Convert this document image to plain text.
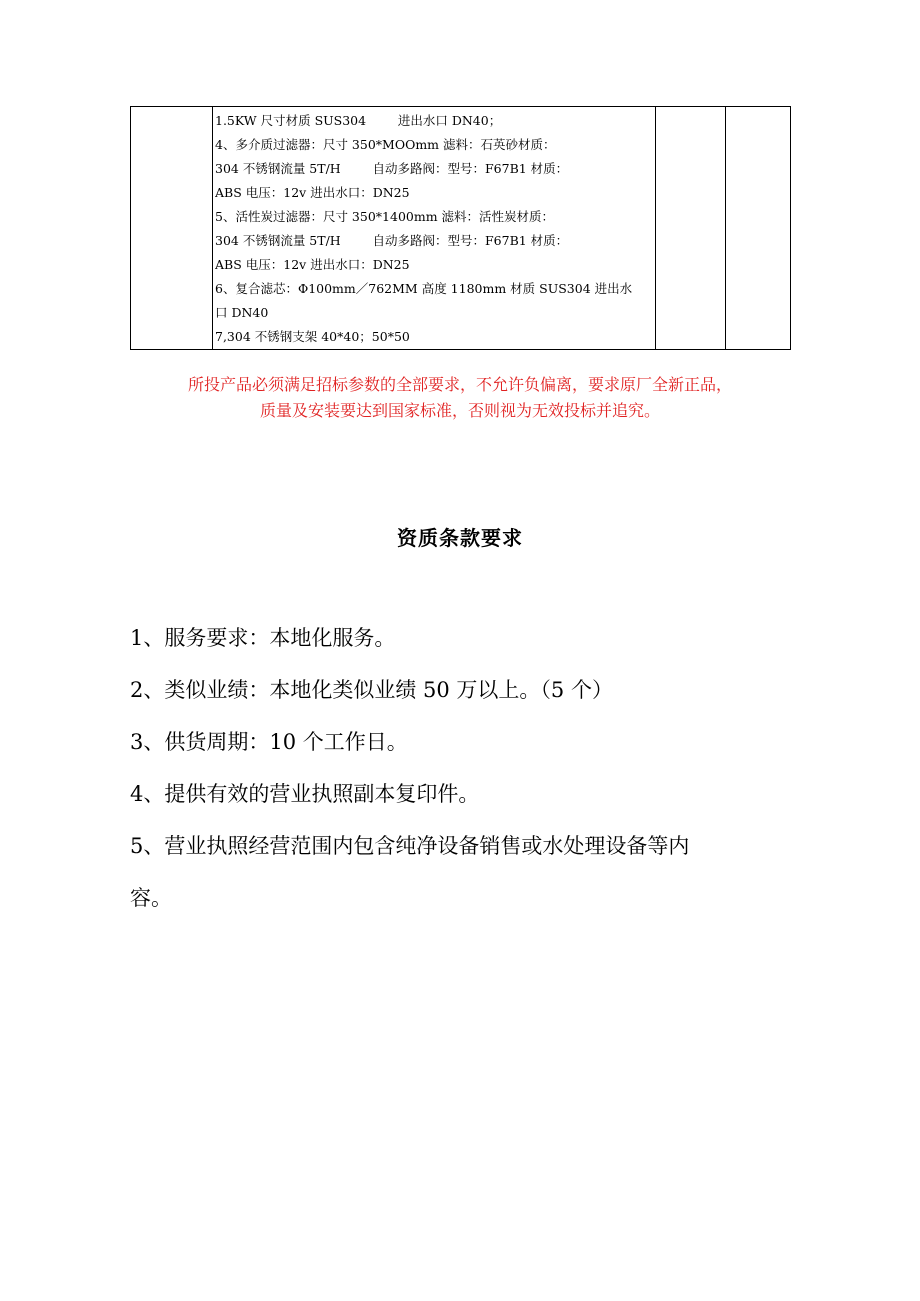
1.5KW 尺寸材质 SUS304        进出水口 DN40；
4、多介质过滤器：尺寸 350*MOOmm 滤料：石英砂材质：
304 不锈钢流量 5T/H        自动多路阀：型号：F67B1 材质：
ABS 电压：12v 进出水口：DN25
5、活性炭过滤器：尺寸 350*1400mm 滤料：活性炭材质：
304 不锈钢流量 5T/H        自动多路阀：型号：F67B1 材质：
ABS 电压：12v 进出水口：DN25
6、复合滤芯：Φ100mm／762MM 高度 1180mm 材质 SUS304 进出水
口 DN40
7,304 不锈钢支架 40*40；50*50

所投产品必须满足招标参数的全部要求，不允许负偏离，要求原厂全新正品，
质量及安装要达到国家标准，否则视为无效投标并追究。
资质条款要求
1、服务要求：本地化服务。
2、类似业绩：本地化类似业绩 50 万以上。（5 个）
3、供货周期：10 个工作日。
4、提供有效的营业执照副本复印件。
5、营业执照经营范围内包含纯净设备销售或水处理设备等内
容。
